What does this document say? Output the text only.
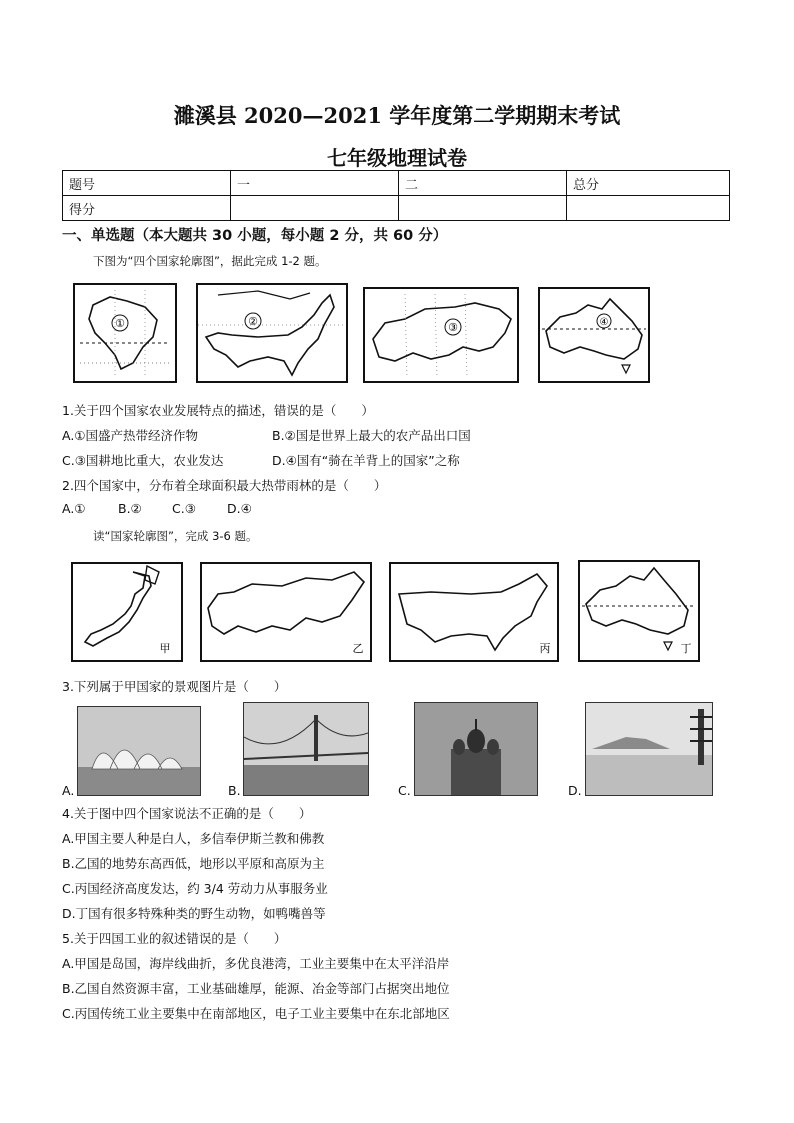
濉溪县 2020—2021 学年度第二学期期末考试
七年级地理试卷
题号	一	二	总分
得分			
一、单选题（本大题共 30 小题，每小题 2 分，共 60 分）
下图为“四个国家轮廓图”，据此完成 1-2 题。
①	②	③	④
1.关于四个国家农业发展特点的描述，错误的是（　　）
A.①国盛产热带经济作物	B.②国是世界上最大的农产品出口国
C.③国耕地比重大，农业发达	D.④国有“骑在羊背上的国家”之称
2.四个国家中，分布着全球面积最大热带雨林的是（　　）
A.①	B.② C.③ D.④
读“国家轮廓图”，完成 3-6 题。
甲	乙	丙	丁
3.下列属于甲国家的景观图片是（　　）
A.	B.	C.	D.
4.关于图中四个国家说法不正确的是（　　）
A.甲国主要人种是白人，多信奉伊斯兰教和佛教
B.乙国的地势东高西低，地形以平原和高原为主
C.丙国经济高度发达，约 3/4 劳动力从事服务业
D.丁国有很多特殊种类的野生动物，如鸭嘴兽等
5.关于四国工业的叙述错误的是（　　）
A.甲国是岛国，海岸线曲折，多优良港湾，工业主要集中在太平洋沿岸
B.乙国自然资源丰富，工业基础雄厚，能源、冶金等部门占据突出地位
C.丙国传统工业主要集中在南部地区，电子工业主要集中在东北部地区
